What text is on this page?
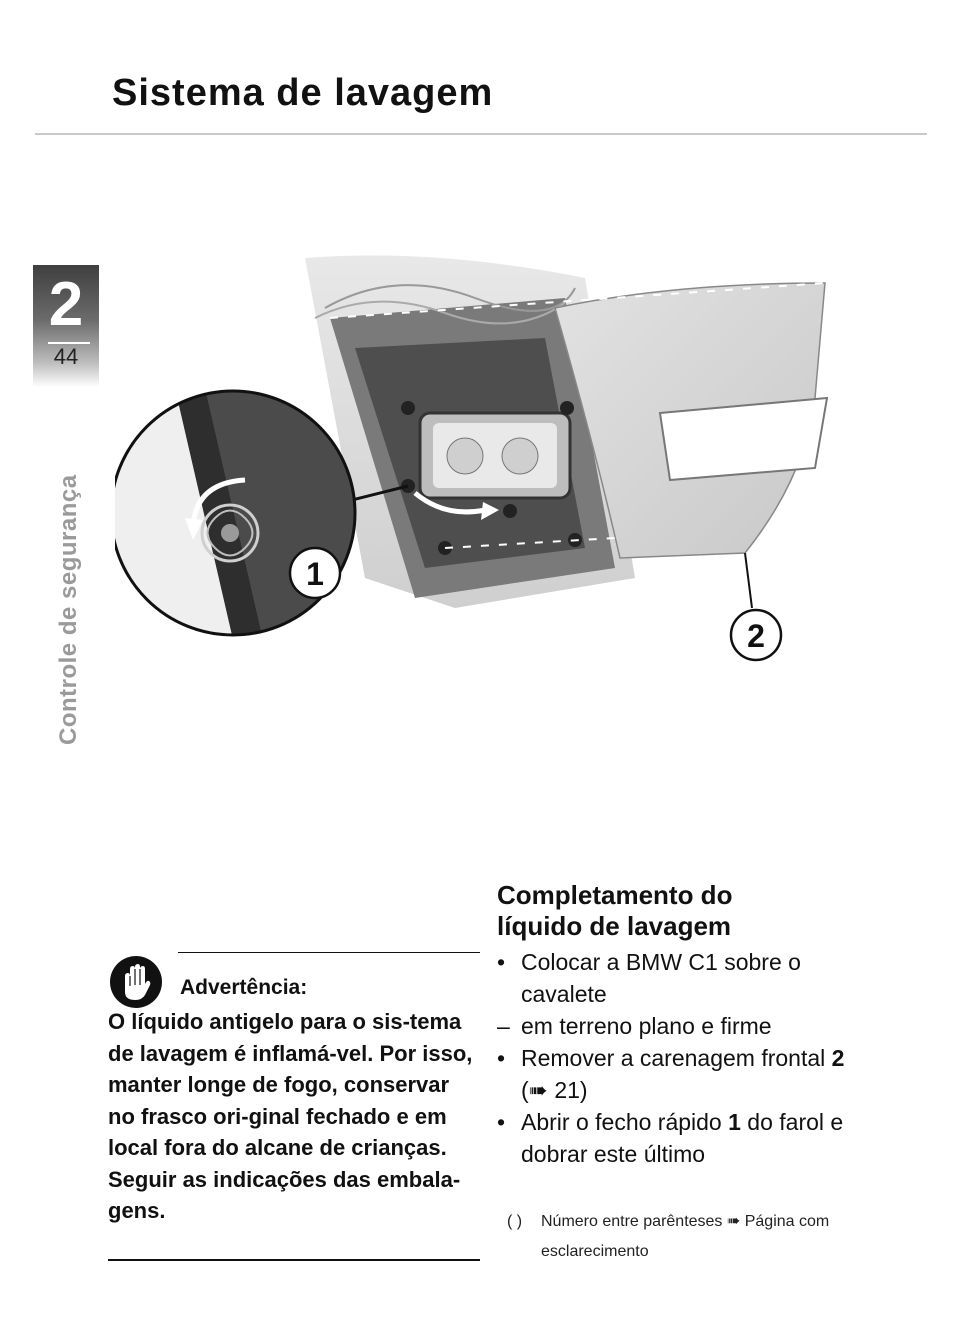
Sistema de lavagem
2
44
Controle de segurança	1
2
Advertência:
O líquido antigelo para o sis-tema de lavagem é inflamá-vel. Por isso, manter longe de fogo, conservar no frasco ori-ginal fechado e em local fora do alcane de crianças. Seguir as indicações das embala-gens.

Completamento do
líquido de lavagem

• Colocar a BMW C1 sobre o cavalete
– em terreno plano e firme
• Remover a carenagem frontal 2 (➠ 21)
• Abrir o fecho rápido 1 do farol e dobrar este último
( ) Número entre parênteses ➠ Página com esclarecimento
